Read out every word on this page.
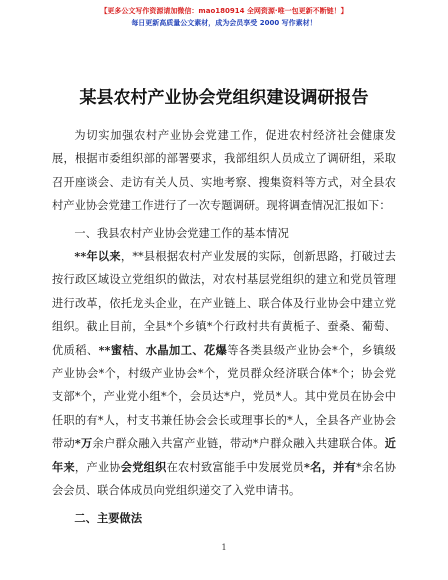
【更多公文写作资源请加微信：mao180914 全网资源·唯一包更新不断链！】
每日更新高质量公文素材，成为会员享受 2000 写作素材！
某县农村产业协会党组织建设调研报告

为切实加强农村产业协会党建工作，促进农村经济社会健康发展，根据市委组织部的部署要求，我部组织人员成立了调研组，采取召开座谈会、走访有关人员、实地考察、搜集资料等方式，对全县农村产业协会党建工作进行了一次专题调研。现将调查情况汇报如下：

一、我县农村产业协会党建工作的基本情况

**年以来，**县根据农村产业发展的实际，创新思路，打破过去按行政区域设立党组织的做法，对农村基层党组织的建立和党员管理进行改革，依托龙头企业，在产业链上、联合体及行业协会中建立党组织。截止目前，全县*个乡镇*个行政村共有黄栀子、蚕桑、葡萄、优质稻、**蜜桔、水晶加工、花爆等各类县级产业协会*个，乡镇级产业协会*个，村级产业协会*个，党员群众经济联合体*个；协会党支部*个，产业党小组*个，会员达*户，党员*人。其中党员在协会中任职的有*人，村支书兼任协会会长或理事长的*人，全县各产业协会带动*万余户群众融入共富产业链，带动*户群众融入共建联合体。近年来，产业协会党组织在农村致富能手中发展党员*名，并有*余名协会会员、联合体成员向党组织递交了入党申请书。

二、主要做法

1
